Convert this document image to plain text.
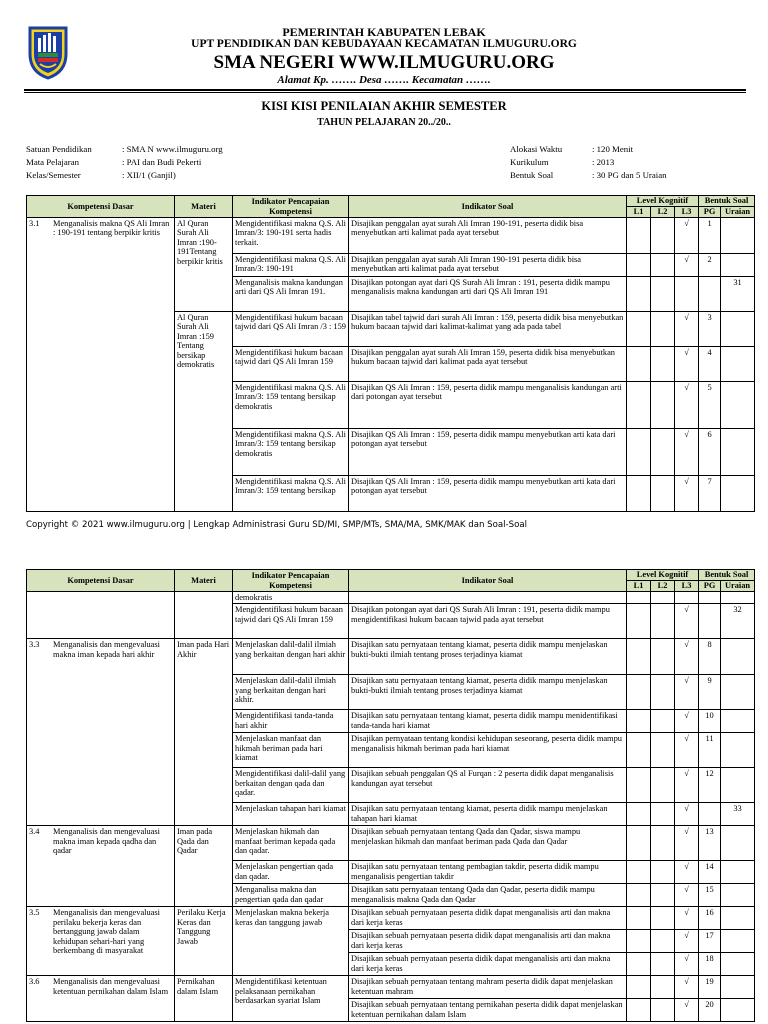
PEMERINTAH KABUPATEN LEBAK
UPT PENDIDIKAN DAN KEBUDAYAAN KECAMATAN ILMUGURU.ORG
SMA NEGERI WWW.ILMUGURU.ORG
Alamat Kp. ……. Desa ……. Kecamatan …….
KISI KISI PENILAIAN AKHIR SEMESTER
TAHUN PELAJARAN 20../20..
Satuan Pendidikan	: SMA N www.ilmuguru.org
Mata Pelajaran	: PAI dan Budi Pekerti
Kelas/Semester	: XII/1 (Ganjil)
Alokasi Waktu	: 120 Menit
Kurikulum	: 2013
Bentuk Soal	: 30 PG dan 5 Uraian
Kompetensi Dasar	Materi	Indikator Pencapaian Kompetensi	Indikator Soal	Level Kognitif			Bentuk Soal	
				L1	L2	L3	PG	Uraian

3.1 Menganalisis makna QS Ali Imran : 190-191 tentang berpikir kritis	Al Quran Surah Ali Imran :190-191Tentang berpikir kritis	Mengidentifikasi makna Q.S. Ali Imran/3: 190-191 serta hadis terkait.	Disajikan penggalan ayat surah Ali Imran 190-191, peserta didik bisa menyebutkan arti kalimat pada ayat tersebut			√	1	
		Mengidentifikasi makna Q.S. Ali Imran/3: 190-191	Disajikan penggalan ayat surah Ali Imran 190-191 peserta didik bisa menyebutkan arti kalimat pada ayat tersebut			√	2	
		Menganalisis makna kandungan arti dari QS Ali Imran 191.	Disajikan potongan ayat dari QS Surah Ali Imran : 191, peserta didik mampu menganalisis makna kandungan arti dari QS Ali Imran 191					31
	Al Quran Surah Ali Imran :159 Tentang bersikap demokratis	Mengidentifikasi hukum bacaan tajwid dari QS Ali Imran /3 : 159	Disajikan tabel tajwid dari surah Ali Imran : 159, peserta didik bisa menyebutkan hukum bacaan tajwid dari kalimat-kalimat yang ada pada tabel			√	3	
		Mengidentifikasi hukum bacaan tajwid dari QS Ali Imran 159	Disajikan penggalan ayat surah Ali Imran 159, peserta didik bisa menyebutkan hukum bacaan tajwid dari kalimat pada ayat tersebut			√	4	
		Mengidentifikasi makna Q.S. Ali Imran/3: 159 tentang bersikap demokratis	Disajikan QS Ali Imran : 159, peserta didik mampu menganalisis kandungan arti dari potongan ayat tersebut			√	5	
		Mengidentifikasi makna Q.S. Ali Imran/3: 159 tentang bersikap demokratis	Disajikan QS Ali Imran : 159, peserta didik mampu menyebutkan arti kata dari potongan ayat tersebut			√	6	
		Mengidentifikasi makna Q.S. Ali Imran/3: 159 tentang bersikap	Disajikan QS Ali Imran : 159, peserta didik mampu menyebutkan arti kata dari potongan ayat tersebut			√	7	
Copyright © 2021 www.ilmuguru.org | Lengkap Administrasi Guru SD/MI, SMP/MTs, SMA/MA, SMK/MAK dan Soal-Soal
Kompetensi Dasar	Materi	Indikator Pencapaian Kompetensi	Indikator Soal	Level Kognitif			Bentuk Soal	
				L1	L2	L3	PG	Uraian
		demokratis						
		Mengidentifikasi hukum bacaan tajwid dari QS Ali Imran 159	Disajikan potongan ayat dari QS Surah Ali Imran : 191, peserta didik mampu mengidentifikasi hukum bacaan tajwid pada ayat tersebut			√		32

3.3 Menganalisis dan mengevaluasi makna iman kepada hari akhir	Iman pada Hari Akhir	Menjelaskan dalil-dalil ilmiah yang berkaitan dengan hari akhir	Disajikan satu pernyataan tentang kiamat, peserta didik mampu menjelaskan bukti-bukti ilmiah tentang proses terjadinya kiamat			√	8	
		Menjelaskan dalil-dalil ilmiah yang berkaitan dengan hari akhir.	Disajikan satu pernyataan tentang kiamat, peserta didik mampu menjelaskan bukti-bukti ilmiah tentang proses terjadinya kiamat			√	9	
		Mengidentifikasi tanda-tanda hari akhir	Disajikan satu pernyataan tentang kiamat, peserta didik mampu menidentifikasi tanda-tanda hari kiamat			√	10	
		Menjelaskan manfaat dan hikmah beriman pada hari kiamat	Disajikan pernyataan tentang kondisi kehidupan seseorang, peserta didik mampu menganalisis hikmah beriman pada hari kiamat			√	11	
		Mengidentifikasi dalil-dalil yang berkaitan dengan qada dan qadar.	Disajikan sebuah penggalan QS al Furqan : 2 peserta didik dapat menganalisis kandungan ayat tersebut			√	12	
		Menjelaskan tahapan hari kiamat	Disajikan satu pernyataan tentang kiamat, peserta didik mampu menjelaskan tahapan hari kiamat			√		33

3.4 Menganalisis dan mengevaluasi makna iman kepada qadha dan qadar	Iman pada Qada dan Qadar	Menjelaskan hikmah dan manfaat beriman kepada qada dan qadar.	Disajikan sebuah pernyataan tentang Qada dan Qadar, siswa mampu menjelaskan hikmah dan manfaat beriman pada Qada dan Qadar			√	13	
		Menjelaskan pengertian qada dan qadar.	Disajikan satu pernyataan tentang pembagian takdir, peserta didik mampu menganalisis pengertian takdir			√	14	
		Menganalisa makna dan pengertian qada dan qadar	Disajikan satu pernyataan tentang Qada dan Qadar, peserta didik mampu menganalisis makna Qada dan Qadar			√	15	

3.5 Menganalisis dan mengevaluasi perilaku bekerja keras dan bertanggung jawab dalam kehidupan sehari-hari yang berkembang di masyarakat	Perilaku Kerja Keras dan Tanggung Jawab	Menjelaskan makna bekerja keras dan tanggung jawab	Disajikan sebuah pernyataan peserta didik dapat menganalisis arti dan makna dari kerja keras			√	16	
			Disajikan sebuah pernyataan peserta didik dapat menganalisis arti dan makna dari kerja keras			√	17	
			Disajikan sebuah pernyataan peserta didik dapat menganalisis arti dan makna dari kerja keras			√	18	

3.6 Menganalisis dan mengevaluasi ketentuan pernikahan dalam Islam	Pernikahan dalam Islam	Mengidentifikasi ketentuan pelaksanaan pernikahan berdasarkan syariat Islam	Disajikan sebuah pernyataan tentang mahram peserta didik dapat menjelaskan ketentuan mahram			√	19	
			Disajikan sebuah pernyataan tentang pernikahan peserta didik dapat menjelaskan ketentuan pernikahan dalam Islam			√	20	
